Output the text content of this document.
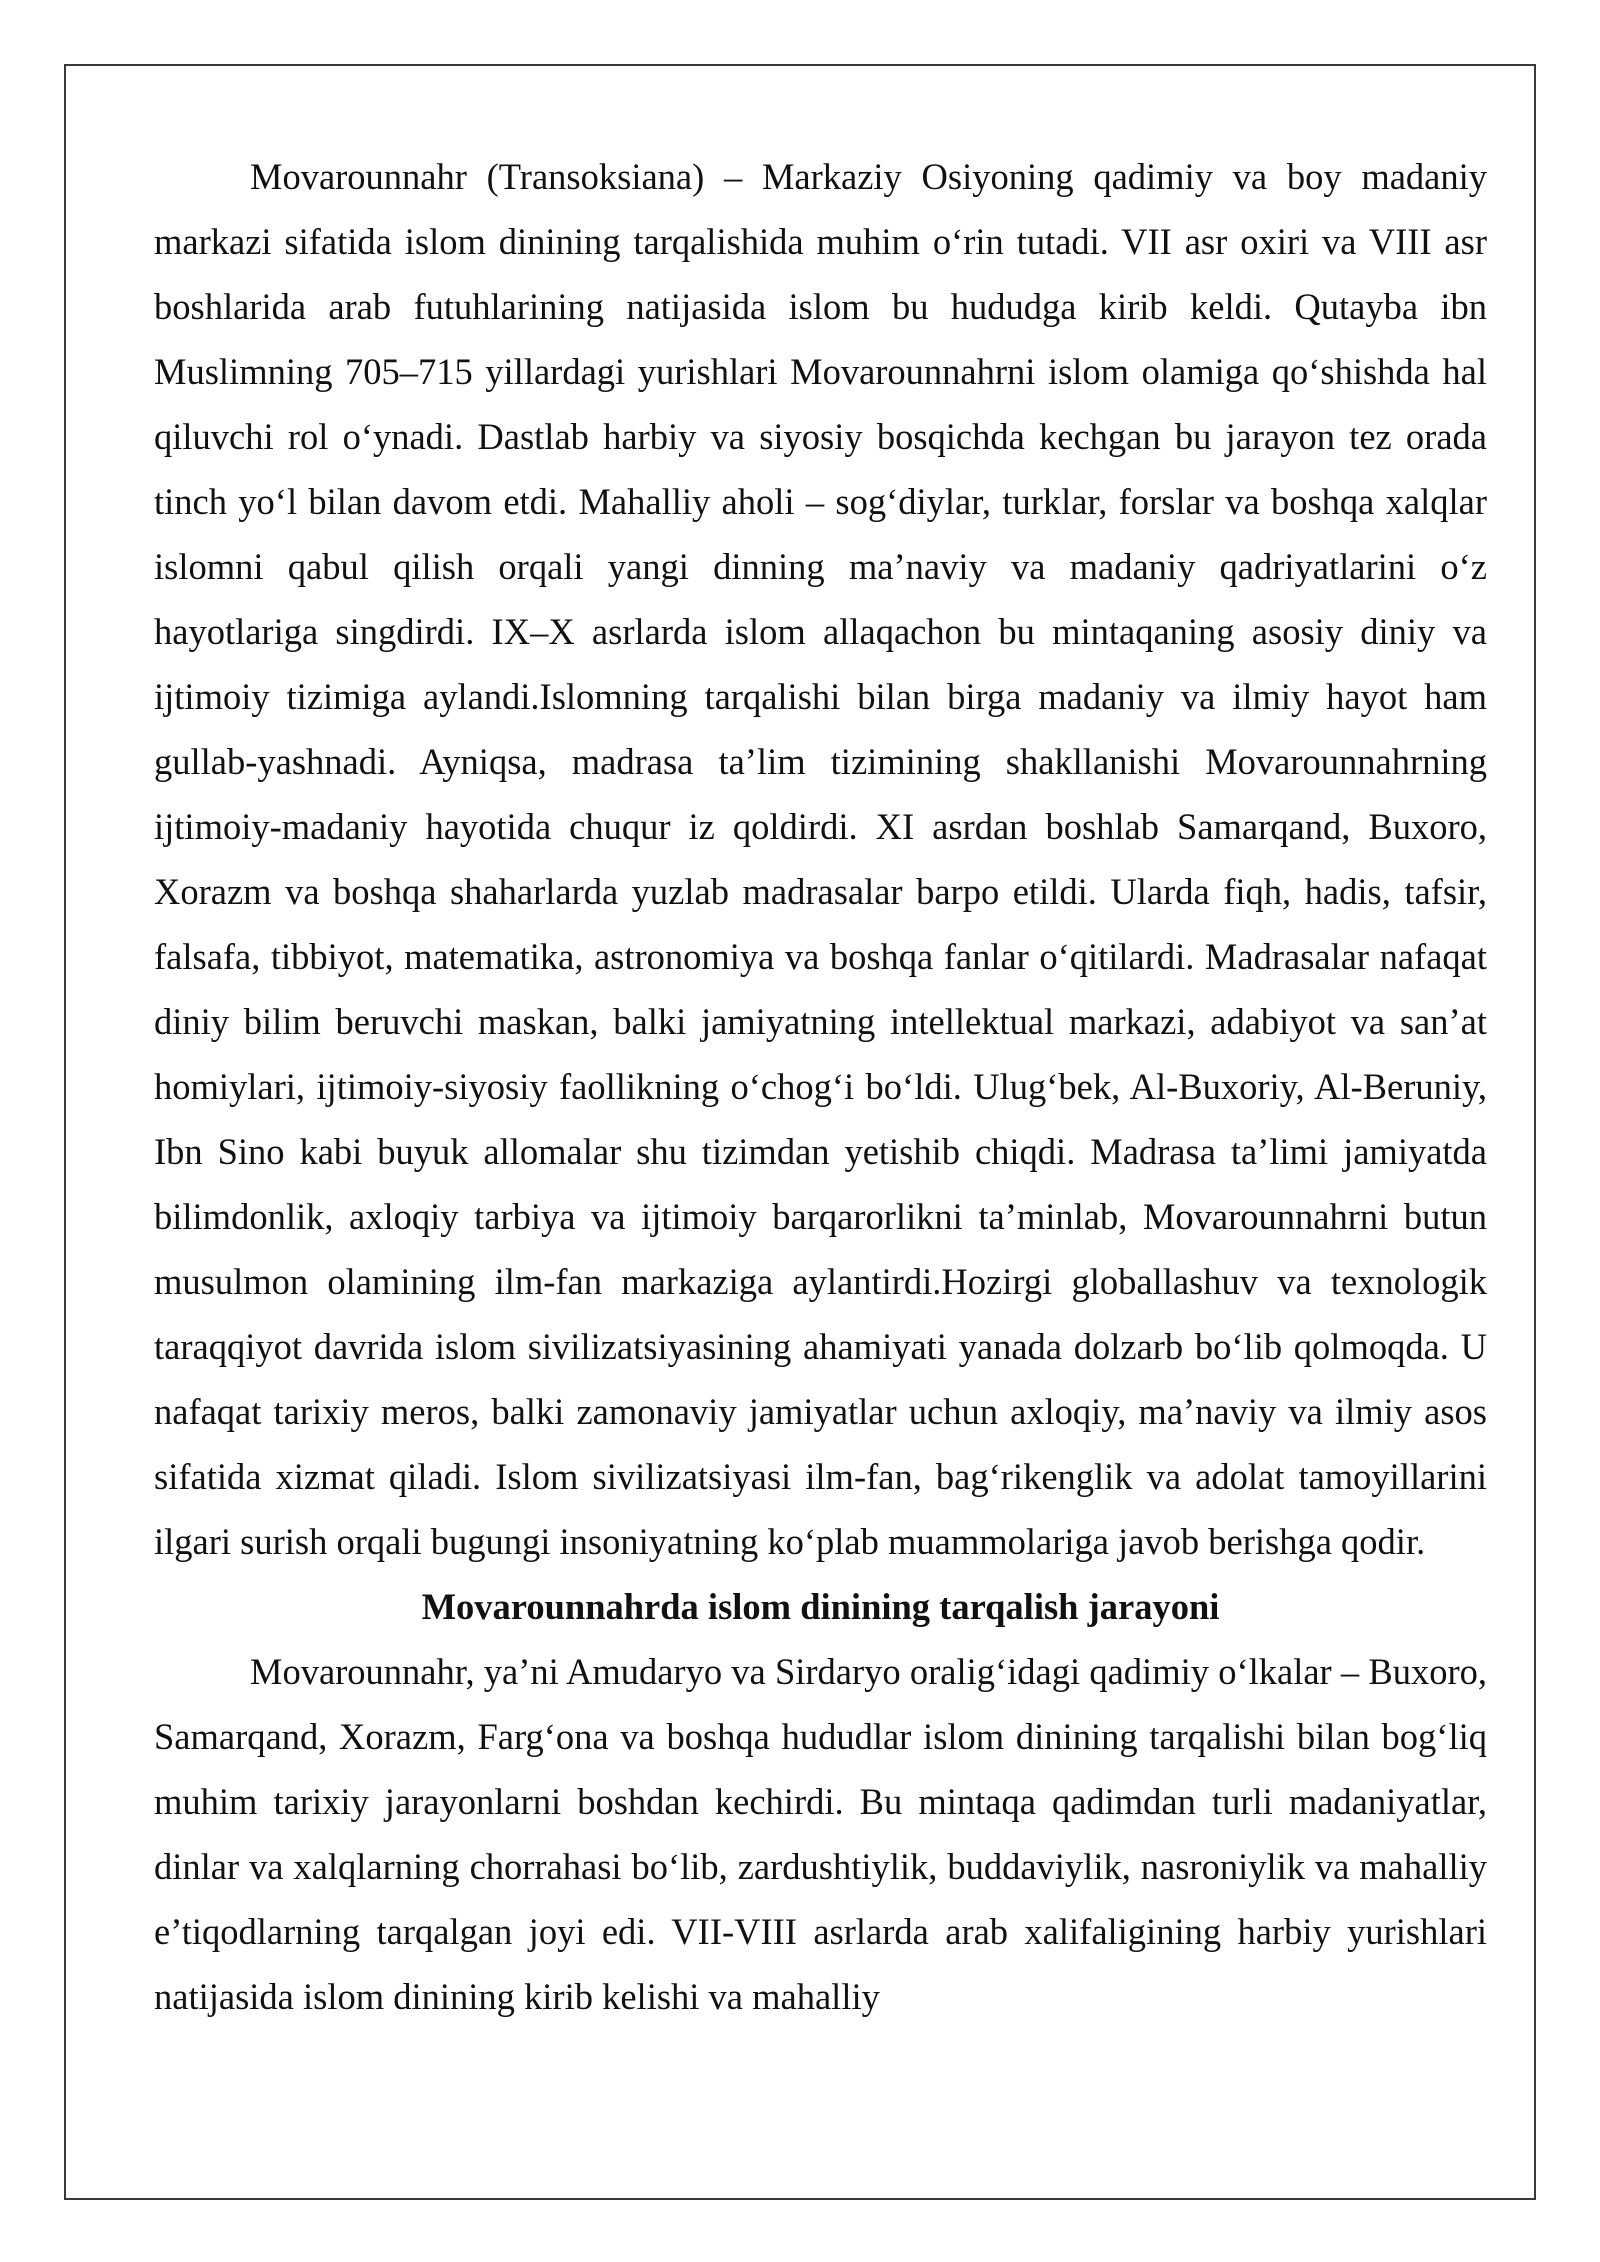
Movarounnahr (Transoksiana) – Markaziy Osiyoning qadimiy va boy madaniy markazi sifatida islom dinining tarqalishida muhim o‘rin tutadi. VII asr oxiri va VIII asr boshlarida arab futuhlarining natijasida islom bu hududga kirib keldi. Qutayba ibn Muslimning 705–715 yillardagi yurishlari Movarounnahrni islom olamiga qo‘shishda hal qiluvchi rol o‘ynadi. Dastlab harbiy va siyosiy bosqichda kechgan bu jarayon tez orada tinch yo‘l bilan davom etdi. Mahalliy aholi – sog‘diylar, turklar, forslar va boshqa xalqlar islomni qabul qilish orqali yangi dinning ma’naviy va madaniy qadriyatlarini o‘z hayotlariga singdirdi. IX–X asrlarda islom allaqachon bu mintaqaning asosiy diniy va ijtimoiy tizimiga aylandi.Islomning tarqalishi bilan birga madaniy va ilmiy hayot ham gullab-yashnadi. Ayniqsa, madrasa ta’lim tizimining shakllanishi Movarounnahrning ijtimoiy-madaniy hayotida chuqur iz qoldirdi. XI asrdan boshlab Samarqand, Buxoro, Xorazm va boshqa shaharlarda yuzlab madrasalar barpo etildi. Ularda fiqh, hadis, tafsir, falsafa, tibbiyot, matematika, astronomiya va boshqa fanlar o‘qitilardi. Madrasalar nafaqat diniy bilim beruvchi maskan, balki jamiyatning intellektual markazi, adabiyot va san’at homiylari, ijtimoiy-siyosiy faollikning o‘chog‘i bo‘ldi. Ulug‘bek, Al-Buxoriy, Al-Beruniy, Ibn Sino kabi buyuk allomalar shu tizimdan yetishib chiqdi. Madrasa ta’limi jamiyatda bilimdonlik, axloqiy tarbiya va ijtimoiy barqarorlikni ta’minlab, Movarounnahrni butun musulmon olamining ilm-fan markaziga aylantirdi.Hozirgi globallashuv va texnologik taraqqiyot davrida islom sivilizatsiyasining ahamiyati yanada dolzarb bo‘lib qolmoqda. U nafaqat tarixiy meros, balki zamonaviy jamiyatlar uchun axloqiy, ma’naviy va ilmiy asos sifatida xizmat qiladi. Islom sivilizatsiyasi ilm-fan, bag‘rikenglik va adolat tamoyillarini ilgari surish orqali bugungi insoniyatning ko‘plab muammolariga javob berishga qodir.

Movarounnahrda islom dinining tarqalish jarayoni

Movarounnahr, ya’ni Amudaryo va Sirdaryo oralig‘idagi qadimiy o‘lkalar – Buxoro, Samarqand, Xorazm, Farg‘ona va boshqa hududlar islom dinining tarqalishi bilan bog‘liq muhim tarixiy jarayonlarni boshdan kechirdi. Bu mintaqa qadimdan turli madaniyatlar, dinlar va xalqlarning chorrahasi bo‘lib, zardushtiylik, buddaviylik, nasroniylik va mahalliy e’tiqodlarning tarqalgan joyi edi. VII-VIII asrlarda arab xalifaligining harbiy yurishlari natijasida islom dinining kirib kelishi va mahalliy
